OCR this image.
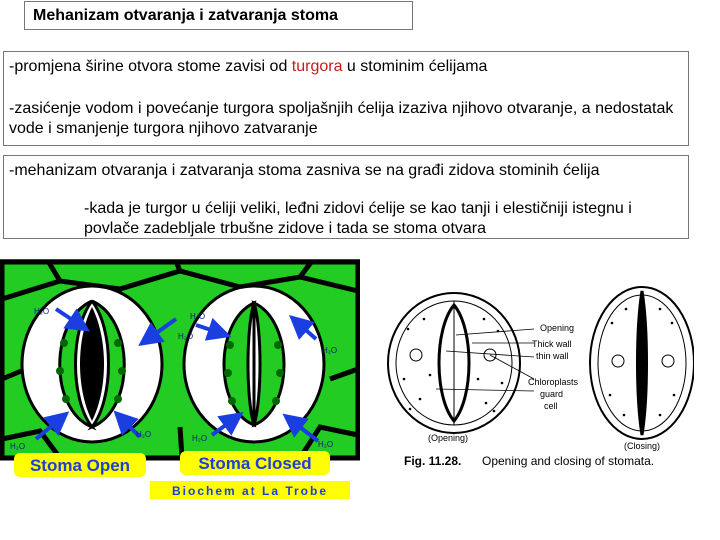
Mehanizam otvaranja i zatvaranja stoma

-promjena širine otvora stome zavisi od turgora u stominim ćelijama

-zasićenje vodom i povećanje turgora spoljašnjih ćelija izaziva njihovo otvaranje, a nedostatak vode i smanjenje turgora njihovo zatvaranje

-mehanizam otvaranja i zatvaranja stoma zasniva se na građi zidova stominih ćelija

-kada je turgor u ćeliji veliki, leđni zidovi ćelije se kao tanji i elestičniji istegnu i povlače zadebljale trbušne zidove i tada se stoma otvara

H₂O
H₂O
H₂O
H₂O
H₂O
H₂O	H₂O
H₂O
Stoma Open	Stoma Closed
Biochem at La Trobe
Opening
Thick wall
thin wall
Chloroplasts
guard
cell
(Opening)
(Closing)
Fig. 11.28. Opening and closing of stomata.
